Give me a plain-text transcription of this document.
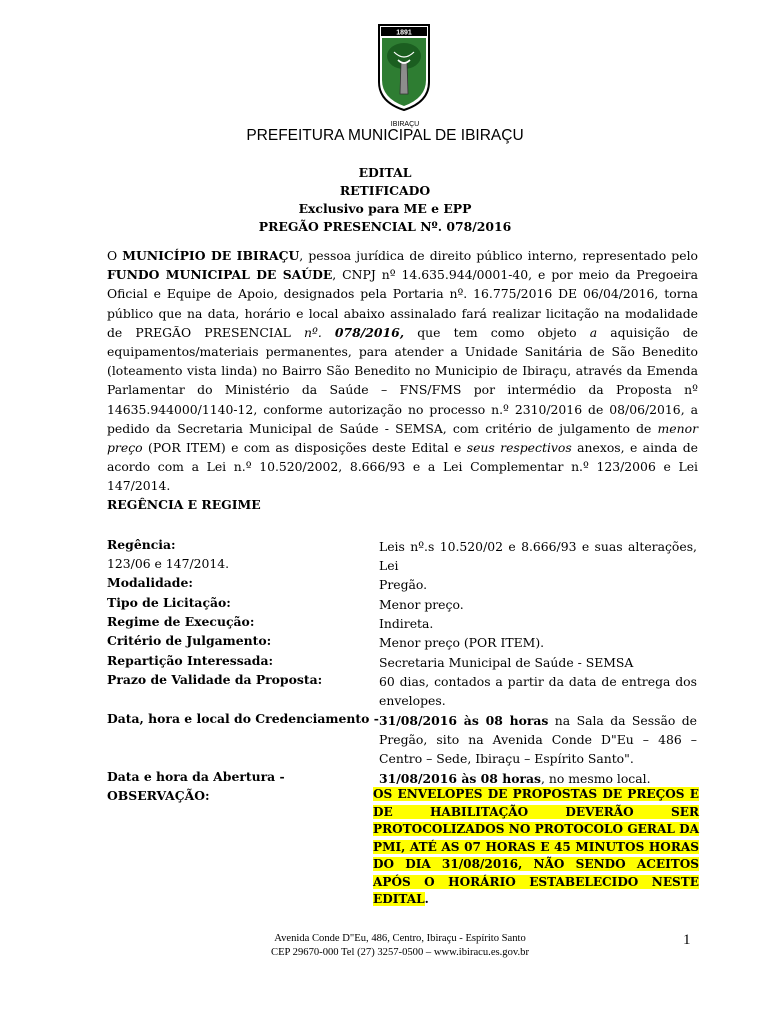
1891
IBIRAÇU
PREFEITURA MUNICIPAL DE IBIRAÇU
EDITAL
RETIFICADO
Exclusivo para ME e EPP
PREGÃO PRESENCIAL Nº. 078/2016
O MUNICÍPIO DE IBIRAÇU, pessoa jurídica de direito público interno, representado pelo FUNDO MUNICIPAL DE SAÚDE, CNPJ nº 14.635.944/0001-40, e por meio da Pregoeira Oficial e Equipe de Apoio, designados pela Portaria nº. 16.775/2016 DE 06/04/2016, torna público que na data, horário e local abaixo assinalado fará realizar licitação na modalidade de PREGÃO PRESENCIAL nº. 078/2016, que tem como objeto a aquisição de equipamentos/materiais permanentes, para atender a Unidade Sanitária de São Benedito (loteamento vista linda) no Bairro São Benedito no Municipio de Ibiraçu, através da Emenda Parlamentar do Ministério da Saúde – FNS/FMS por intermédio da Proposta nº 14635.944000/1140-12, conforme autorização no processo n.º 2310/2016 de 08/06/2016, a pedido da Secretaria Municipal de Saúde - SEMSA, com critério de julgamento de menor preço (POR ITEM) e com as disposições deste Edital e seus respectivos anexos, e ainda de acordo com a Lei n.º 10.520/2002, 8.666/93 e a Lei Complementar n.º 123/2006 e Lei 147/2014.
REGÊNCIA E REGIME
Regência:	Leis nº.s 10.520/02 e 8.666/93 e suas alterações, Lei
123/06 e 147/2014.
Modalidade:	Pregão.
Tipo de Licitação:	Menor preço.
Regime de Execução:	Indireta.
Critério de Julgamento:	Menor preço (POR ITEM).
Repartição Interessada:	Secretaria Municipal de Saúde - SEMSA
Prazo de Validade da Proposta:	60 dias, contados a partir da data de entrega dos envelopes.
Data, hora e local do Credenciamento - 31/08/2016 às 08 horas na Sala da Sessão de Pregão, sito na Avenida Conde D"Eu – 486 – Centro – Sede, Ibiraçu – Espírito Santo".
Data e hora da Abertura -	31/08/2016 às 08 horas, no mesmo local.
OBSERVAÇÃO:	OS ENVELOPES DE PROPOSTAS DE PREÇOS E DE HABILITAÇÃO DEVERÃO SER PROTOCOLIZADOS NO PROTOCOLO GERAL DA PMI, ATÉ AS 07 HORAS E 45 MINUTOS HORAS DO DIA 31/08/2016, NÃO SENDO ACEITOS APÓS O HORÁRIO ESTABELECIDO NESTE EDITAL.
Avenida Conde D"Eu, 486, Centro, Ibiraçu - Espírito Santo
CEP 29670-000 Tel (27) 3257-0500 – www.ibiracu.es.gov.br
1
